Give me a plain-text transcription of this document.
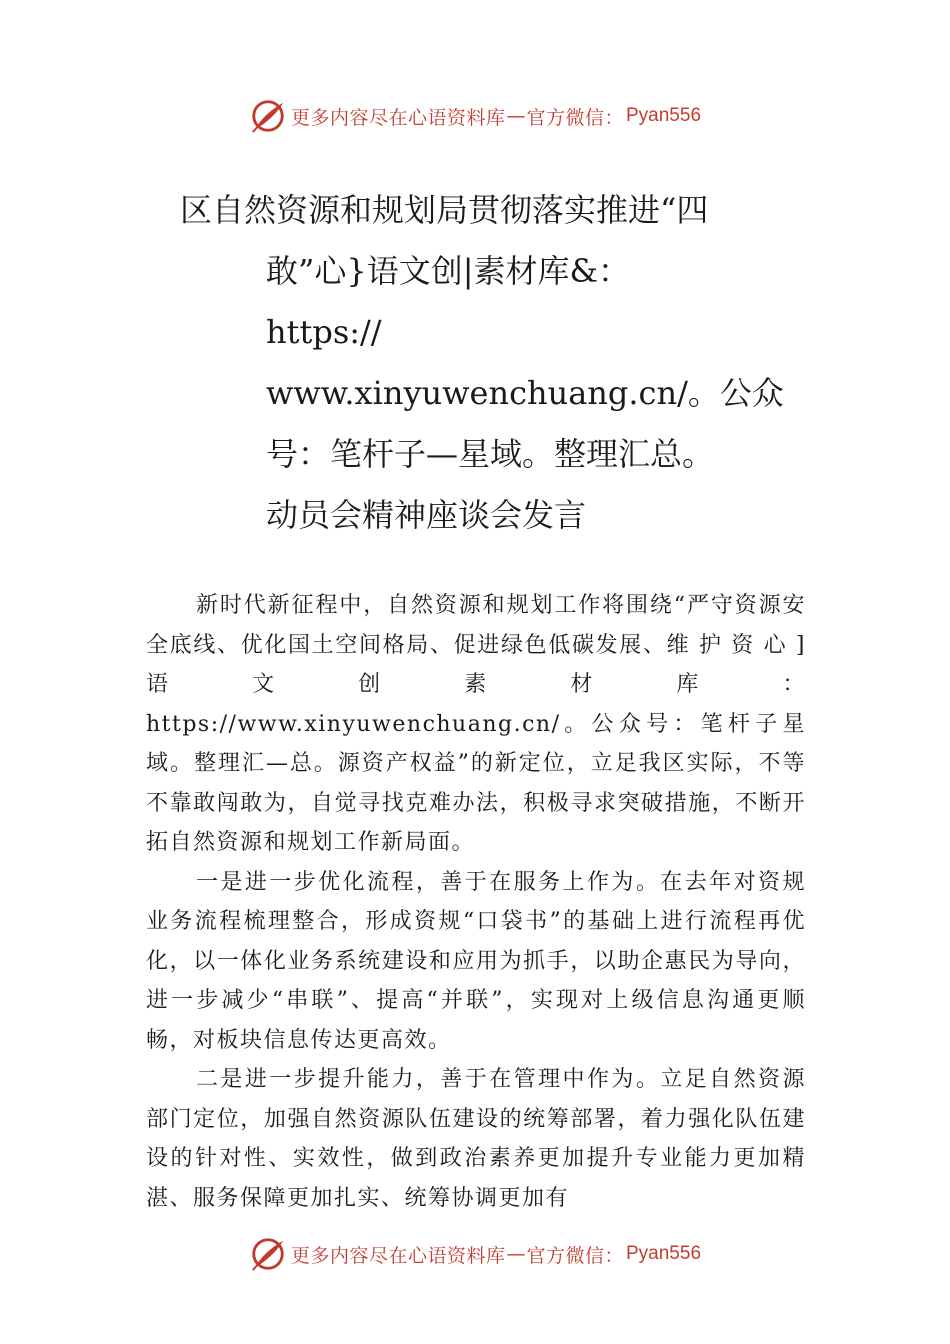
更多内容尽在心语资料库 — 官方微信： Pyan556
区自然资源和规划局贯彻落实推进“四
敢”心}语文创|素材库&：
https://
www.xinyuwenchuang.cn/。公众
号：笔杆子—星域。整理汇总。
动员会精神座谈会发言

新时代新征程中，自然资源和规划工作将围绕“严守资源安全底线、优化国土空间格局、促进绿色低碳发展、维 护 资 心 ] 语 文 创 素 材 库 ： https://www.xinyuwenchuang.cn/。公众号：笔杆子星域。整理汇—总。源资产权益”的新定位，立足我区实际，不等不靠敢闯敢为，自觉寻找克难办法，积极寻求突破措施，不断开拓自然资源和规划工作新局面。

一是进一步优化流程，善于在服务上作为。在去年对资规业务流程梳理整合，形成资规“口袋书”的基础上进行流程再优化，以一体化业务系统建设和应用为抓手，以助企惠民为导向，进一步减少“串联”、提高“并联”，实现对上级信息沟通更顺畅，对板块信息传达更高效。

二是进一步提升能力，善于在管理中作为。立足自然资源部门定位，加强自然资源队伍建设的统筹部署，着力强化队伍建设的针对性、实效性，做到政治素养更加提升专业能力更加精湛、服务保障更加扎实、统筹协调更加有

更多内容尽在心语资料库 — 官方微信： Pyan556
